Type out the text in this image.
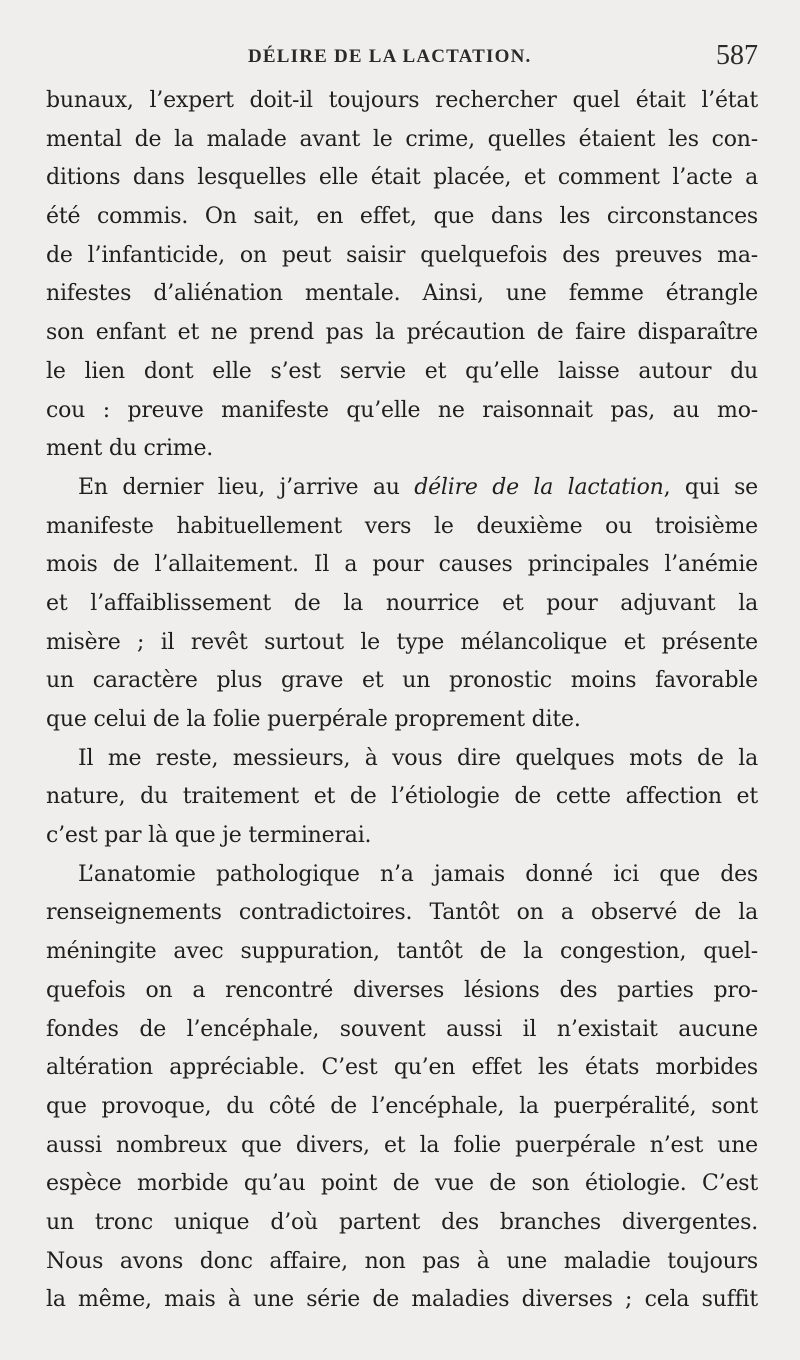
DÉLIRE DE LA LACTATION.	587
bunaux, l’expert doit-il toujours rechercher quel était l’état
mental de la malade avant le crime, quelles étaient les con-
ditions dans lesquelles elle était placée, et comment l’acte a
été commis. On sait, en effet, que dans les circonstances
de l’infanticide, on peut saisir quelquefois des preuves ma-
nifestes d’aliénation mentale. Ainsi, une femme étrangle
son enfant et ne prend pas la précaution de faire disparaître
le lien dont elle s’est servie et qu’elle laisse autour du
cou : preuve manifeste qu’elle ne raisonnait pas, au mo-
ment du crime.
En dernier lieu, j’arrive au délire de la lactation, qui se
manifeste habituellement vers le deuxième ou troisième
mois de l’allaitement. Il a pour causes principales l’anémie
et l’affaiblissement de la nourrice et pour adjuvant la
misère ; il revêt surtout le type mélancolique et présente
un caractère plus grave et un pronostic moins favorable
que celui de la folie puerpérale proprement dite.
Il me reste, messieurs, à vous dire quelques mots de la
nature, du traitement et de l’étiologie de cette affection et
c’est par là que je terminerai.
L’anatomie pathologique n’a jamais donné ici que des
renseignements contradictoires. Tantôt on a observé de la
méningite avec suppuration, tantôt de la congestion, quel-
quefois on a rencontré diverses lésions des parties pro-
fondes de l’encéphale, souvent aussi il n’existait aucune
altération appréciable. C’est qu’en effet les états morbides
que provoque, du côté de l’encéphale, la puerpéralité, sont
aussi nombreux que divers, et la folie puerpérale n’est une
espèce morbide qu’au point de vue de son étiologie. C’est
un tronc unique d’où partent des branches divergentes.
Nous avons donc affaire, non pas à une maladie toujours
la même, mais à une série de maladies diverses ; cela suffit
